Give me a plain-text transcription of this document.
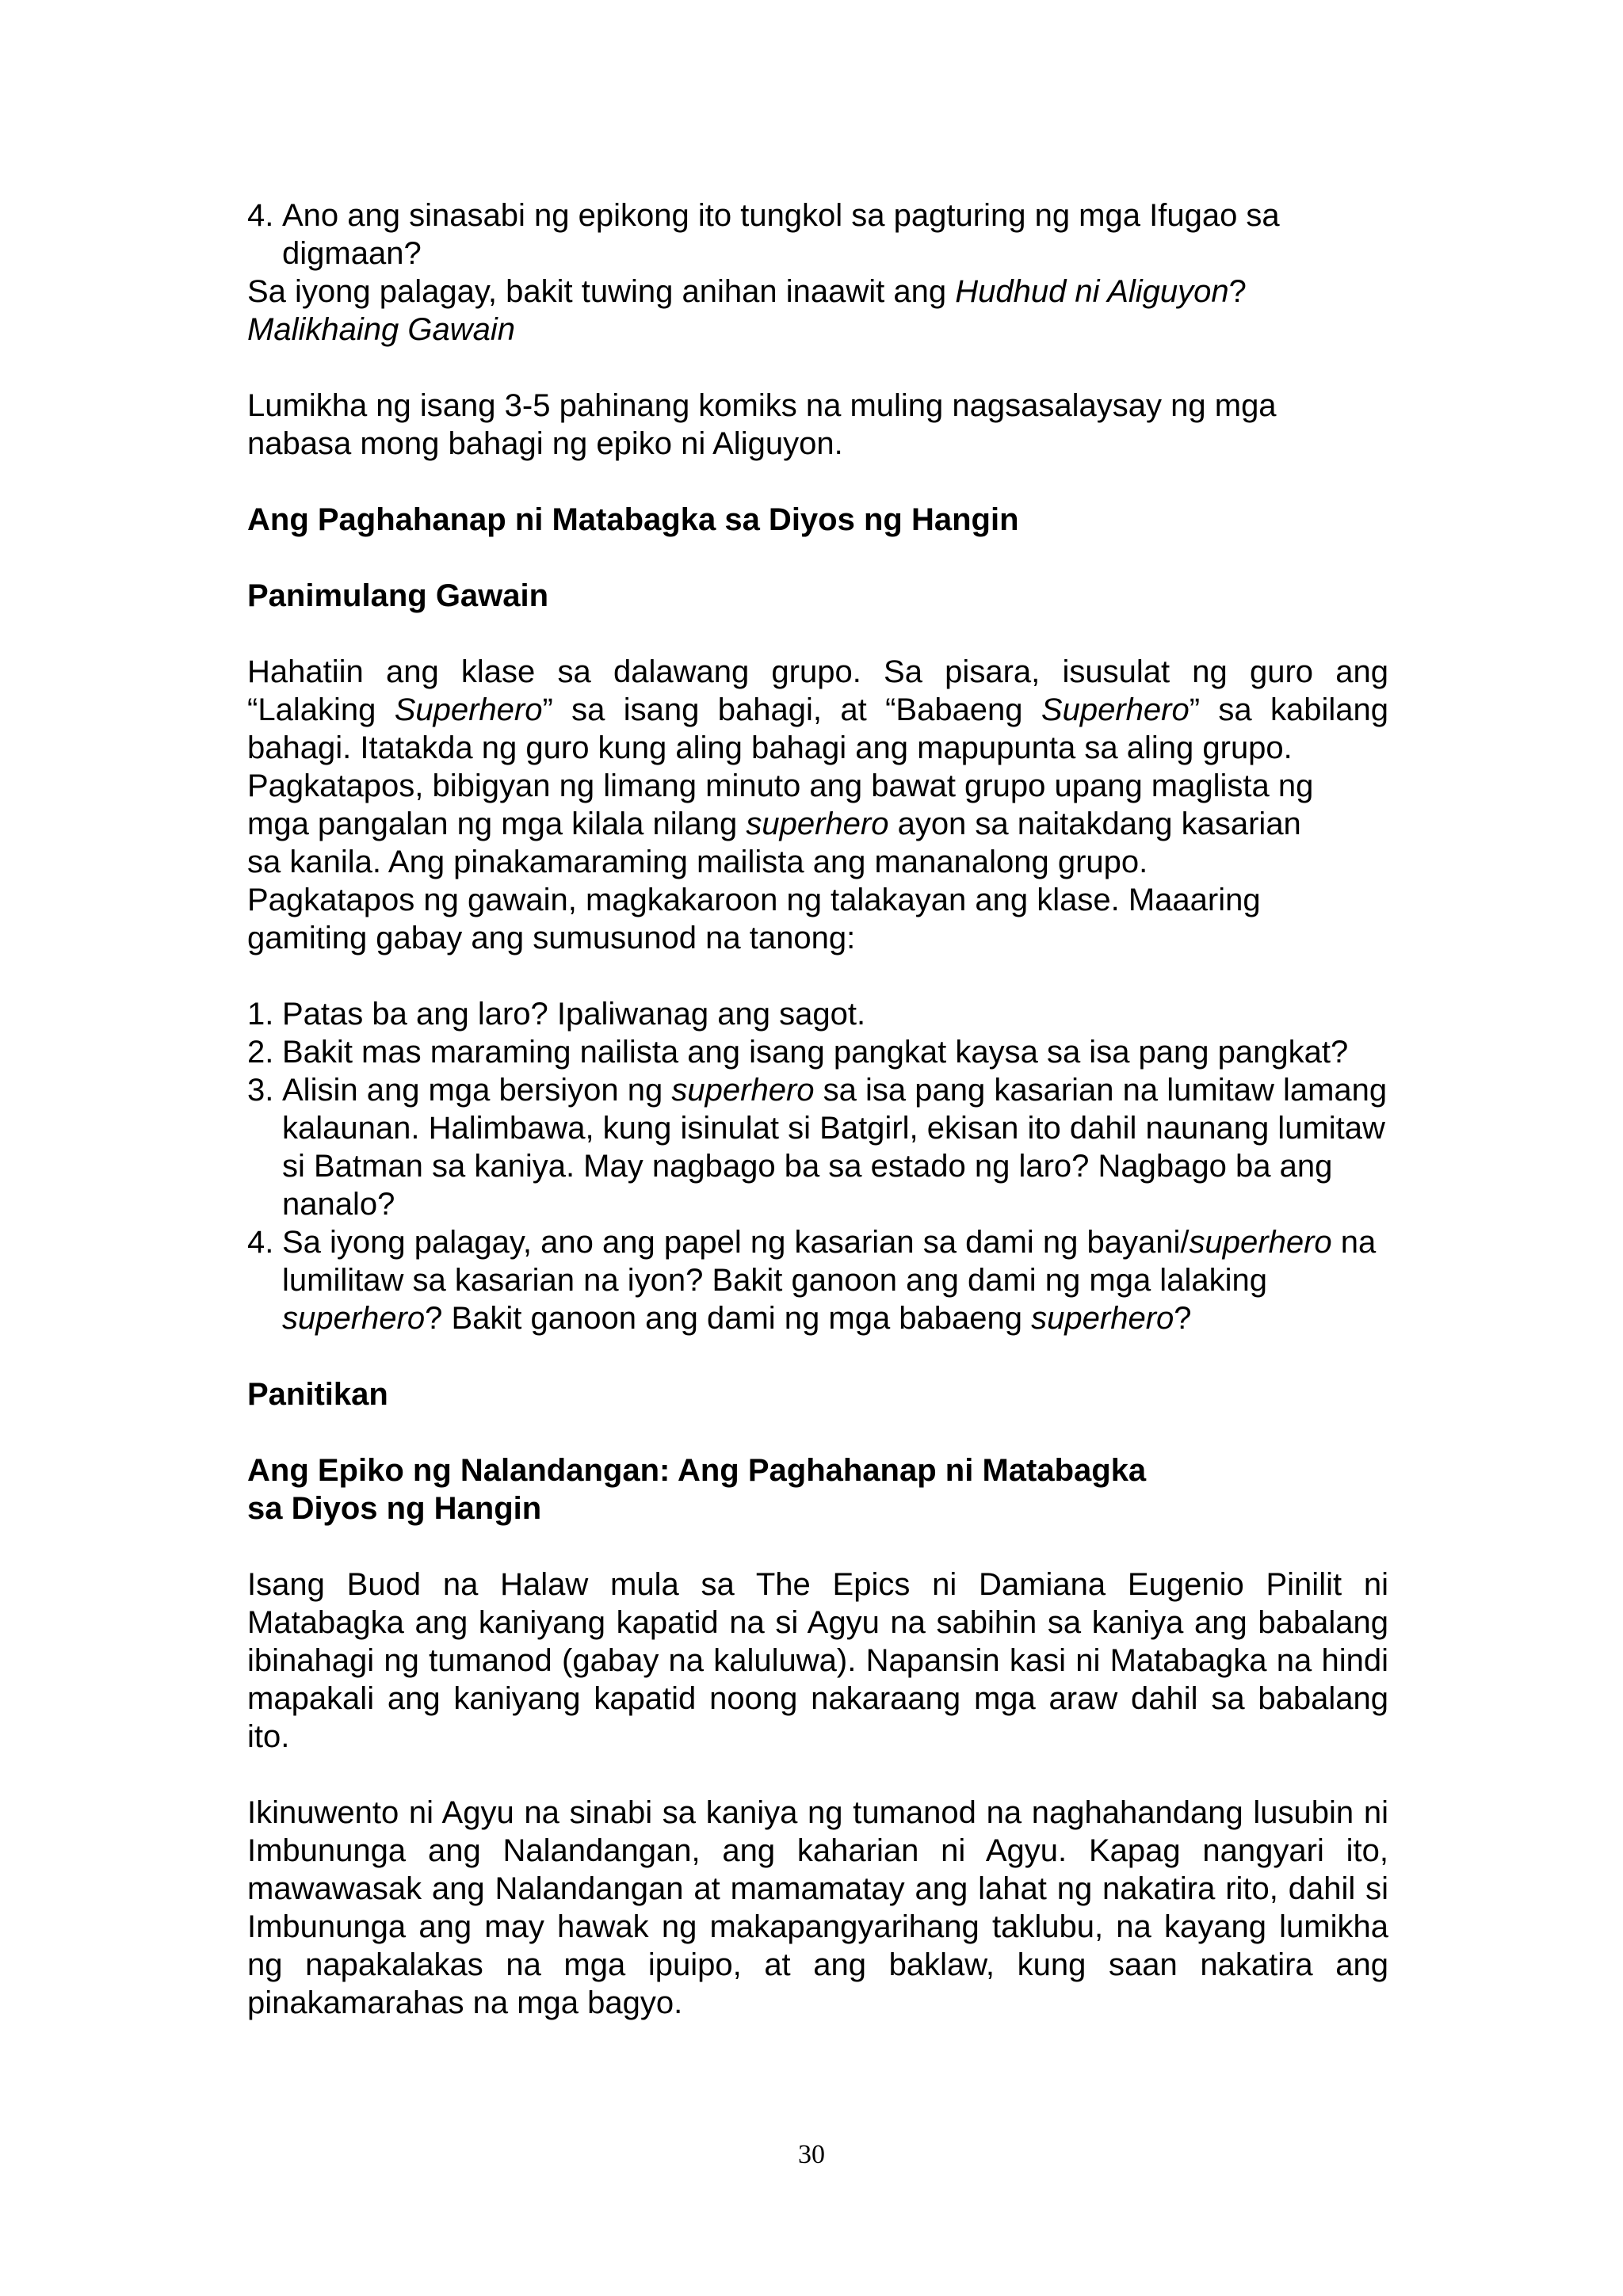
4. Ano ang sinasabi ng epikong ito tungkol sa pagturing ng mga Ifugao sa digmaan?

Sa iyong palagay, bakit tuwing anihan inaawit ang Hudhud ni Aliguyon?

Malikhaing Gawain

Lumikha ng isang 3-5 pahinang komiks na muling nagsasalaysay ng mga nabasa mong bahagi ng epiko ni Aliguyon.

Ang Paghahanap ni Matabagka sa Diyos ng Hangin

Panimulang Gawain

Hahatiin ang klase sa dalawang grupo. Sa pisara, isusulat ng guro ang

“Lalaking Superhero” sa isang bahagi, at “Babaeng Superhero” sa kabilang

bahagi. Itatakda ng guro kung aling bahagi ang mapupunta sa aling grupo.

Pagkatapos, bibigyan ng limang minuto ang bawat grupo upang maglista ng

mga pangalan ng mga kilala nilang superhero ayon sa naitakdang kasarian

sa kanila. Ang pinakamaraming mailista ang mananalong grupo.

Pagkatapos ng gawain, magkakaroon ng talakayan ang klase. Maaaring

gamiting gabay ang sumusunod na tanong:

1. Patas ba ang laro? Ipaliwanag ang sagot.
2. Bakit mas maraming nailista ang isang pangkat kaysa sa isa pang pangkat?
3. Alisin ang mga bersiyon ng superhero sa isa pang kasarian na lumitaw lamang kalaunan. Halimbawa, kung isinulat si Batgirl, ekisan ito dahil naunang lumitaw si Batman sa kaniya. May nagbago ba sa estado ng laro? Nagbago ba ang nanalo?
4. Sa iyong palagay, ano ang papel ng kasarian sa dami ng bayani/superhero na lumilitaw sa kasarian na iyon? Bakit ganoon ang dami ng mga lalaking superhero? Bakit ganoon ang dami ng mga babaeng superhero?

Panitikan

Ang Epiko ng Nalandangan: Ang Paghahanap ni Matabagka

sa Diyos ng Hangin

Isang Buod na Halaw mula sa The Epics ni Damiana Eugenio Pinilit ni Matabagka ang kaniyang kapatid na si Agyu na sabihin sa kaniya ang babalang ibinahagi ng tumanod (gabay na kaluluwa). Napansin kasi ni Matabagka na hindi mapakali ang kaniyang kapatid noong nakaraang mga araw dahil sa babalang ito.

Ikinuwento ni Agyu na sinabi sa kaniya ng tumanod na naghahandang lusubin ni Imbununga ang Nalandangan, ang kaharian ni Agyu. Kapag nangyari ito, mawawasak ang Nalandangan at mamamatay ang lahat ng nakatira rito, dahil si Imbununga ang may hawak ng makapangyarihang taklubu, na kayang lumikha ng napakalakas na mga ipuipo, at ang baklaw, kung saan nakatira ang pinakamarahas na mga bagyo.

30
